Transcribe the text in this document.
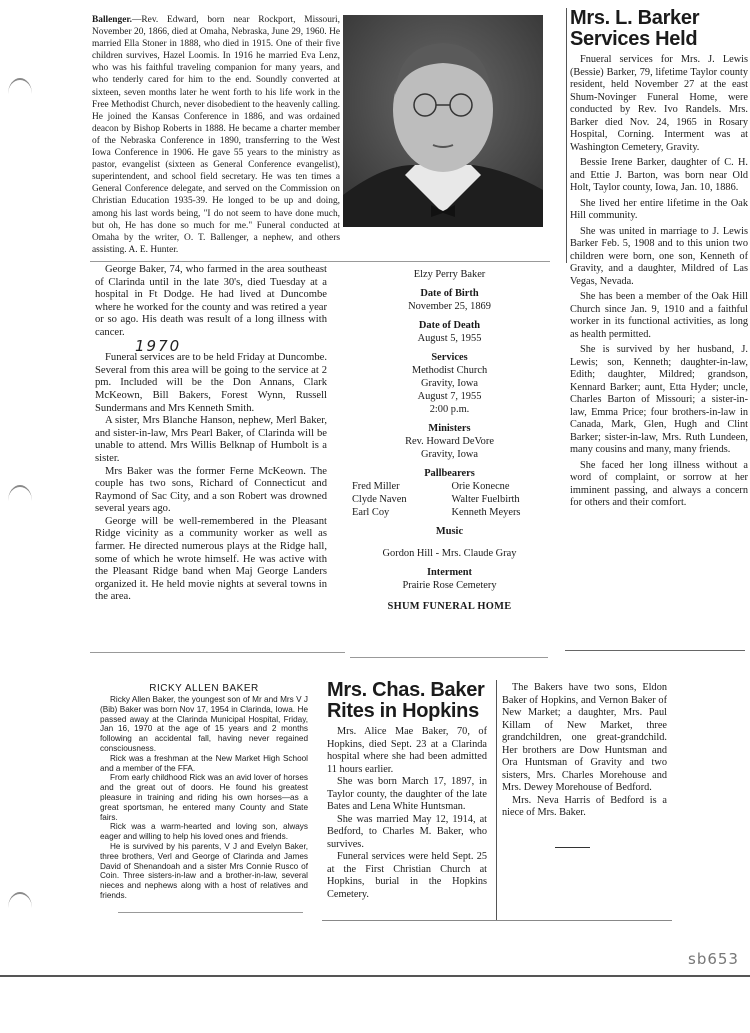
Ballenger.—Rev. Edward, born near Rockport, Missouri, November 20, 1866, died at Omaha, Nebraska, June 29, 1960. He married Ella Stoner in 1888, who died in 1915. One of their five children survives, Hazel Loomis. In 1916 he married Eva Lenz, who was his faithful traveling companion for many years, and who tenderly cared for him to the end. Soundly converted at sixteen, seven months later he went forth to his life work in the Free Methodist Church, never disobedient to the heavenly calling. He joined the Kansas Conference in 1886, and was ordained deacon by Bishop Roberts in 1888. He became a charter member of the Nebraska Conference in 1890, transferring to the West Iowa Conference in 1906. He gave 55 years to the ministry as pastor, evangelist (sixteen as General Conference evangelist), superintendent, and school field secretary. He was ten times a General Conference delegate, and served on the Commission on Christian Education 1935-39. He longed to be up and doing, among his last words being, "I do not seem to have done much, but oh, He has done so much for me." Funeral conducted at Omaha by the writer, O. T. Ballenger, a nephew, and others assisting. A. E. Hunter.

Mrs. L. Barker Services Held

Fnueral services for Mrs. J. Lewis (Bessie) Barker, 79, lifetime Taylor county resident, held November 27 at the east Shum-Novinger Funeral Home, were conducted by Rev. Ivo Randels. Mrs. Barker died Nov. 24, 1965 in Rosary Hospital, Corning. Interment was at Washington Cemetery, Gravity.

Bessie Irene Barker, daughter of C. H. and Ettie J. Barton, was born near Old Holt, Taylor county, Iowa, Jan. 10, 1886.

She lived her entire lifetime in the Oak Hill community.

She was united in marriage to J. Lewis Barker Feb. 5, 1908 and to this union two children were born, one son, Kenneth of Gravity, and a daughter, Mildred of Las Vegas, Nevada.

She has been a member of the Oak Hill Church since Jan. 9, 1910 and a faithful worker in its functional activities, as long as health permitted.

She is survived by her husband, J. Lewis; son, Kenneth; daughter-in-law, Edith; daughter, Mildred; grandson, Kennard Barker; aunt, Etta Hyder; uncle, Charles Barton of Missouri; a sister-in-law, Emma Price; four brothers-in-law in Canada, Mark, Glen, Hugh and Clint Barker; sister-in-law, Mrs. Ruth Lundeen, many cousins and many, many friends.

She faced her long illness without a word of complaint, or sorrow at her imminent passing, and always a concern for others and their comfort.

George Baker, 74, who farmed in the area southeast of Clarinda until in the late 30's, died Tuesday at a hospital in Ft Dodge. He had lived at Duncombe where he worked for the county and was retired a year or so ago. His death was result of a long illness with cancer.

1970

Funeral services are to be held Friday at Duncombe. Several from this area will be going to the service at 2 pm. Included will be the Don Annans, Clark McKeown, Bill Bakers, Forest Wynn, Russell Sundermans and Mrs Kenneth Smith.

A sister, Mrs Blanche Hanson, nephew, Merl Baker, and sister-in-law, Mrs Pearl Baker, of Clarinda will be unable to attend. Mrs Willis Belknap of Humbolt is a sister.

Mrs Baker was the former Ferne McKeown. The couple has two sons, Richard of Connecticut and Raymond of Sac City, and a son Robert was drowned several years ago.

George will be well-remembered in the Pleasant Ridge vicinity as a community worker as well as farmer. He directed numerous plays at the Ridge hall, some of which he wrote himself. He was active with the Pleasant Ridge band when Maj George Landers organized it. He held movie nights at several towns in the area.

Elzy Perry Baker
Date of Birth
November 25, 1869
Date of Death
August 5, 1955
Services
Methodist Church
Gravity, Iowa
August 7, 1955
2:00 p.m.
Ministers
Rev. Howard DeVore
Gravity, Iowa
Pallbearers
Fred Miller	Orie Konecne
Clyde Naven	Walter Fuelbirth
Earl Coy	Kenneth Meyers
Music
Gordon Hill - Mrs. Claude Gray
Interment
Prairie Rose Cemetery
SHUM FUNERAL HOME
RICKY ALLEN BAKER

Ricky Allen Baker, the youngest son of Mr and Mrs V J (Bib) Baker was born Nov 17, 1954 in Clarinda, Iowa. He passed away at the Clarinda Municipal Hospital, Friday, Jan 16, 1970 at the age of 15 years and 2 months following an accidental fall, having never regained consciousness.

Rick was a freshman at the New Market High School and a member of the FFA.

From early childhood Rick was an avid lover of horses and the great out of doors. He found his greatest pleasure in training and riding his own horses—as a great sportsman, he entered many County and State fairs.

Rick was a warm-hearted and loving son, always eager and willing to help his loved ones and friends.

He is survived by his parents, V J and Evelyn Baker, three brothers, Verl and George of Clarinda and James David of Shenandoah and a sister Mrs Connie Rusco of Coin. Three sisters-in-law and a brother-in-law, several nieces and nephews along with a host of relatives and friends.

Mrs. Chas. Baker Rites in Hopkins

Mrs. Alice Mae Baker, 70, of Hopkins, died Sept. 23 at a Clarinda hospital where she had been admitted 11 hours earlier.

She was born March 17, 1897, in Taylor county, the daughter of the late Bates and Lena White Huntsman.

She was married May 12, 1914, at Bedford, to Charles M. Baker, who survives.

Funeral services were held Sept. 25 at the First Christian Church at Hopkins, burial in the Hopkins Cemetery.

The Bakers have two sons, Eldon Baker of Hopkins, and Vernon Baker of New Market; a daughter, Mrs. Paul Killam of New Market, three grandchildren, one great-grandchild. Her brothers are Dow Huntsman and Ora Huntsman of Gravity and two sisters, Mrs. Charles Morehouse and Mrs. Dewey Morehouse of Bedford.

Mrs. Neva Harris of Bedford is a niece of Mrs. Baker.

sb653
